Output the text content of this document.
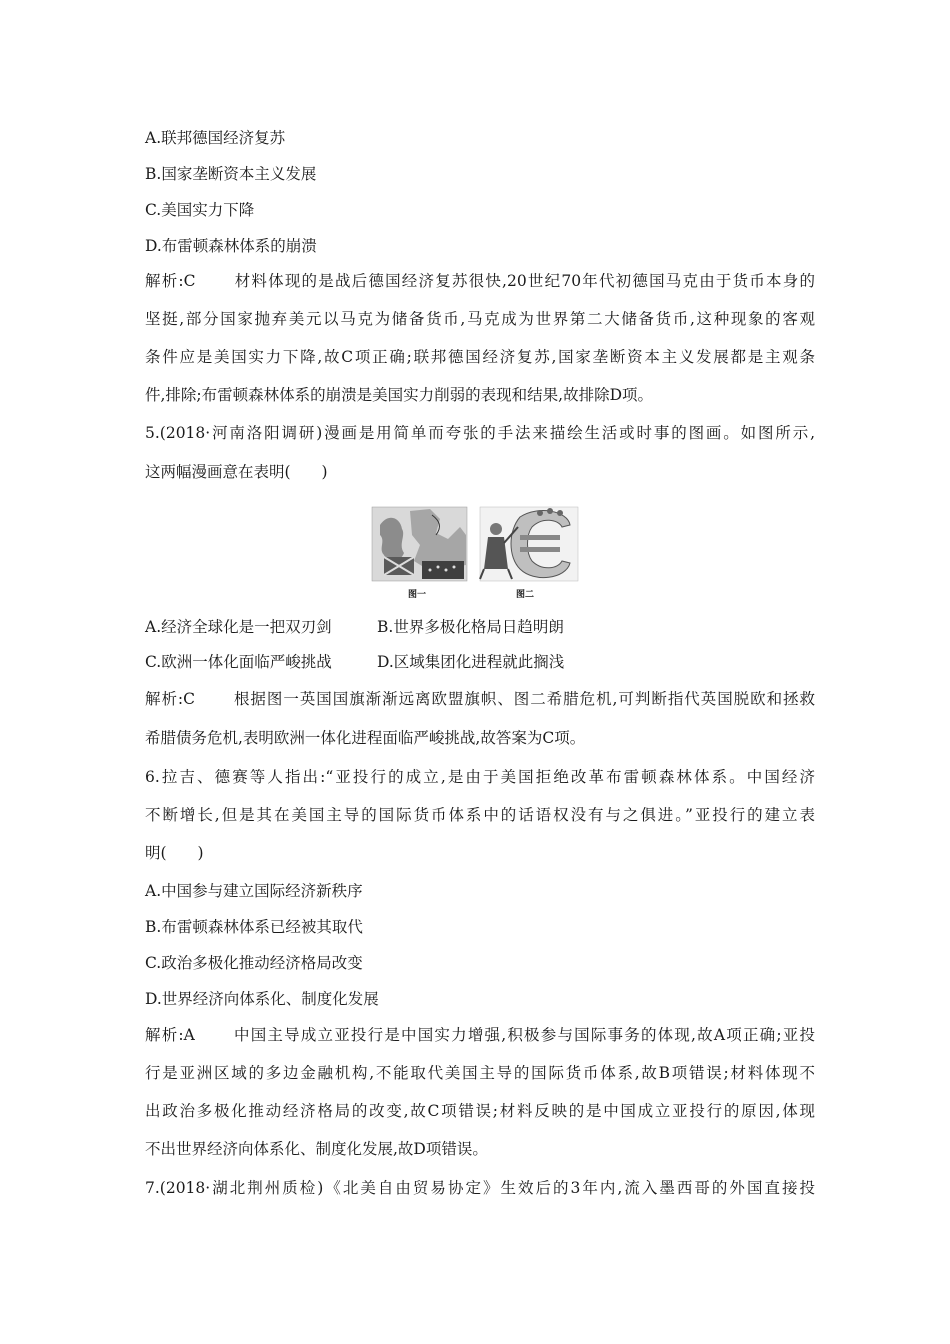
A.联邦德国经济复苏
B.国家垄断资本主义发展
C.美国实力下降
D.布雷顿森林体系的崩溃
解析:C 材料体现的是战后德国经济复苏很快,20世纪70年代初德国马克由于货币本身的
坚挺,部分国家抛弃美元以马克为储备货币,马克成为世界第二大储备货币,这种现象的客观
条件应是美国实力下降,故C项正确;联邦德国经济复苏,国家垄断资本主义发展都是主观条
件,排除;布雷顿森林体系的崩溃是美国实力削弱的表现和结果,故排除D项。
5.(2018·河南洛阳调研)漫画是用简单而夸张的手法来描绘生活或时事的图画。如图所示,
这两幅漫画意在表明(　　)
图一	图二
A.经济全球化是一把双刃剑	B.世界多极化格局日趋明朗
C.欧洲一体化面临严峻挑战	D.区域集团化进程就此搁浅
解析:C 根据图一英国国旗渐渐远离欧盟旗帜、图二希腊危机,可判断指代英国脱欧和拯救
希腊债务危机,表明欧洲一体化进程面临严峻挑战,故答案为C项。
6.拉吉、德赛等人指出:“亚投行的成立,是由于美国拒绝改革布雷顿森林体系。中国经济
不断增长,但是其在美国主导的国际货币体系中的话语权没有与之俱进。”亚投行的建立表
明(　　)
A.中国参与建立国际经济新秩序
B.布雷顿森林体系已经被其取代
C.政治多极化推动经济格局改变
D.世界经济向体系化、制度化发展
解析:A 中国主导成立亚投行是中国实力增强,积极参与国际事务的体现,故A项正确;亚投
行是亚洲区域的多边金融机构,不能取代美国主导的国际货币体系,故B项错误;材料体现不
出政治多极化推动经济格局的改变,故C项错误;材料反映的是中国成立亚投行的原因,体现
不出世界经济向体系化、制度化发展,故D项错误。
7.(2018·湖北荆州质检)《北美自由贸易协定》生效后的3年内,流入墨西哥的外国直接投
